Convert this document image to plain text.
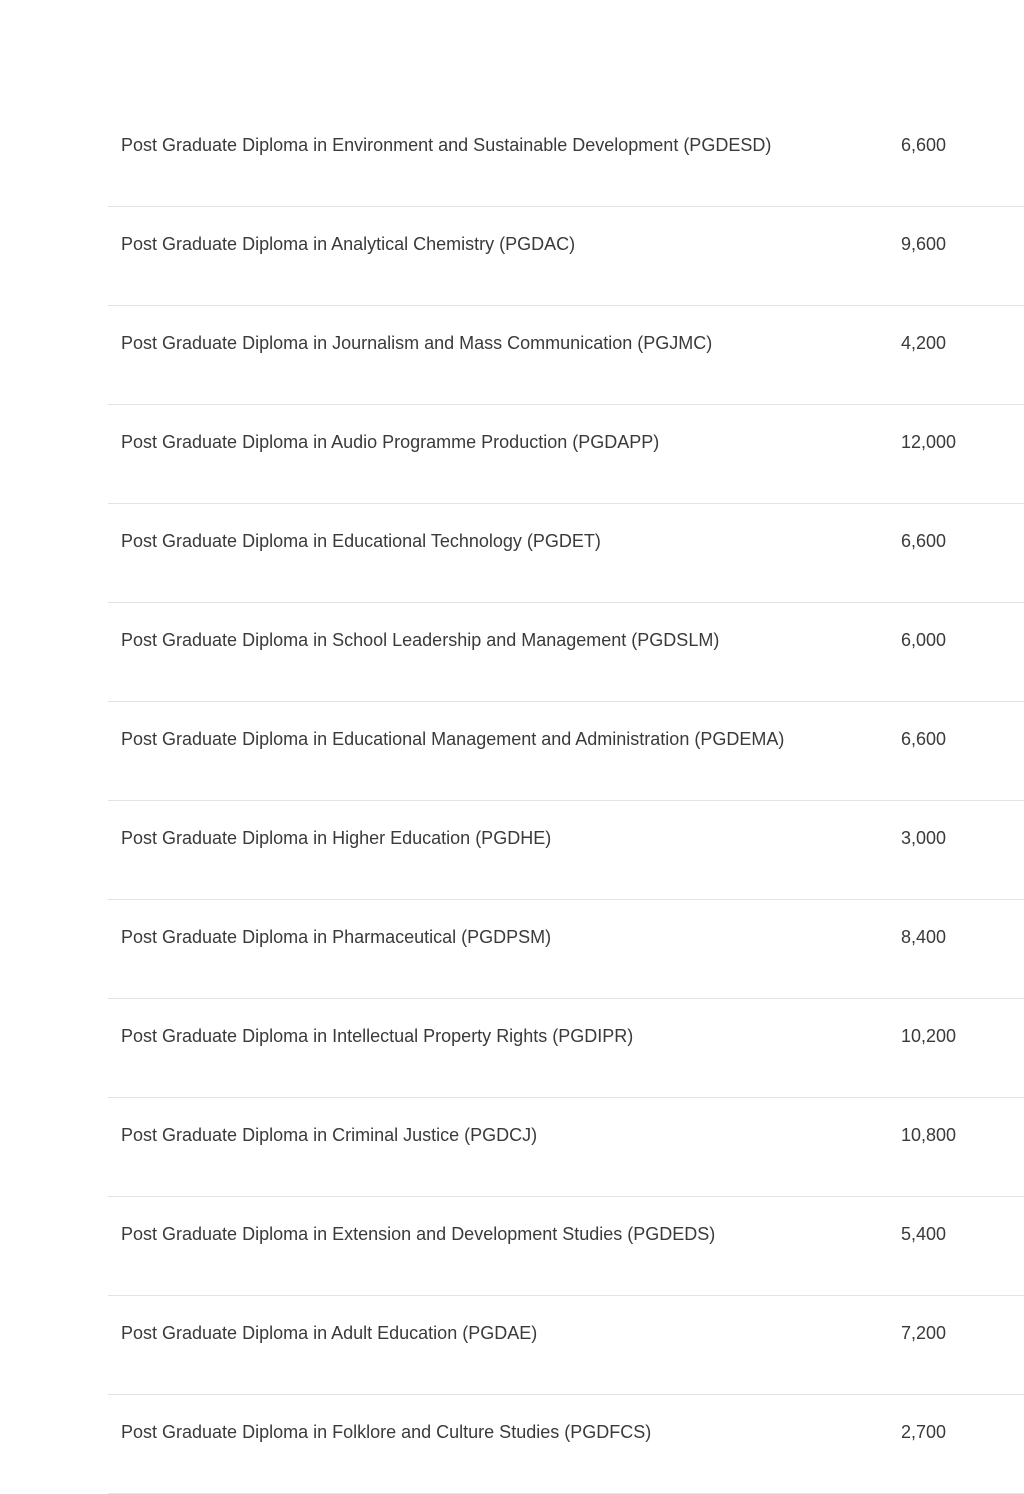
Post Graduate Diploma in Environment and Sustainable Development (PGDESD)	6,600
Post Graduate Diploma in Analytical Chemistry (PGDAC)	9,600
Post Graduate Diploma in Journalism and Mass Communication (PGJMC)	4,200
Post Graduate Diploma in Audio Programme Production (PGDAPP)	12,000
Post Graduate Diploma in Educational Technology (PGDET)	6,600
Post Graduate Diploma in School Leadership and Management (PGDSLM)	6,000
Post Graduate Diploma in Educational Management and Administration (PGDEMA)	6,600
Post Graduate Diploma in Higher Education (PGDHE)	3,000
Post Graduate Diploma in Pharmaceutical (PGDPSM)	8,400
Post Graduate Diploma in Intellectual Property Rights (PGDIPR)	10,200
Post Graduate Diploma in Criminal Justice (PGDCJ)	10,800
Post Graduate Diploma in Extension and Development Studies (PGDEDS)	5,400
Post Graduate Diploma in Adult Education (PGDAE)	7,200
Post Graduate Diploma in Folklore and Culture Studies (PGDFCS)	2,700
